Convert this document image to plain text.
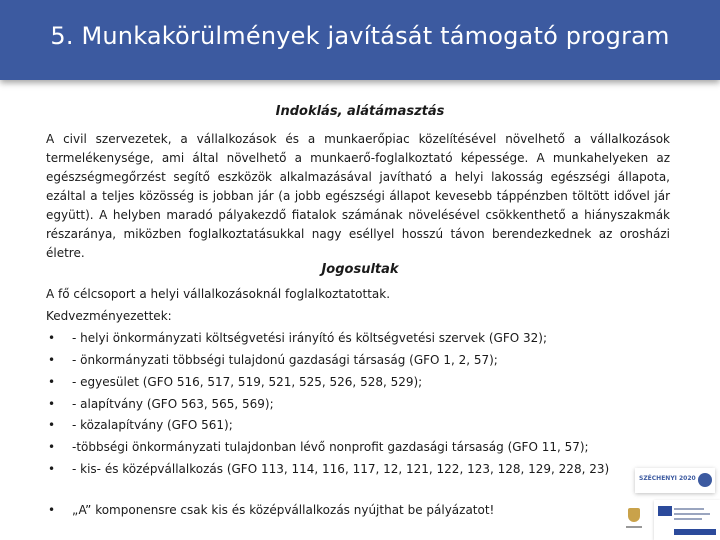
5. Munkakörülmények javítását támogató program
Indoklás, alátámasztás
A civil szervezetek, a vállalkozások és a munkaerőpiac közelítésével növelhető a vállalkozások termelékenysége, ami által növelhető a munkaerő-foglalkoztató képessége. A munkahelyeken az egészségmegőrzést segítő eszközök alkalmazásával javítható a helyi lakosság egészségi állapota, ezáltal a teljes közösség is jobban jár (a jobb egészségi állapot kevesebb táppénzben töltött idővel jár együtt). A helyben maradó pályakezdő fiatalok számának növelésével csökkenthető a hiányszakmák részaránya, miközben foglalkoztatásukkal nagy eséllyel hosszú távon berendezkednek az orosházi életre.
Jogosultak
A fő célcsoport a helyi vállalkozásoknál foglalkoztatottak.
Kedvezményezettek:
• - helyi önkormányzati költségvetési irányító és költségvetési szervek (GFO 32);
• - önkormányzati többségi tulajdonú gazdasági társaság (GFO 1, 2, 57);
• - egyesület (GFO 516, 517, 519, 521, 525, 526, 528, 529);
• - alapítvány (GFO 563, 565, 569);
• - közalapítvány (GFO 561);
• -többségi önkormányzati tulajdonban lévő nonprofit gazdasági társaság (GFO 11, 57);
• - kis- és középvállalkozás (GFO 113, 114, 116, 117, 12, 121, 122, 123, 128, 129, 228, 23)
• „A” komponensre csak kis és középvállalkozás nyújthat be pályázatot!
SZÉCHENYI 2020
